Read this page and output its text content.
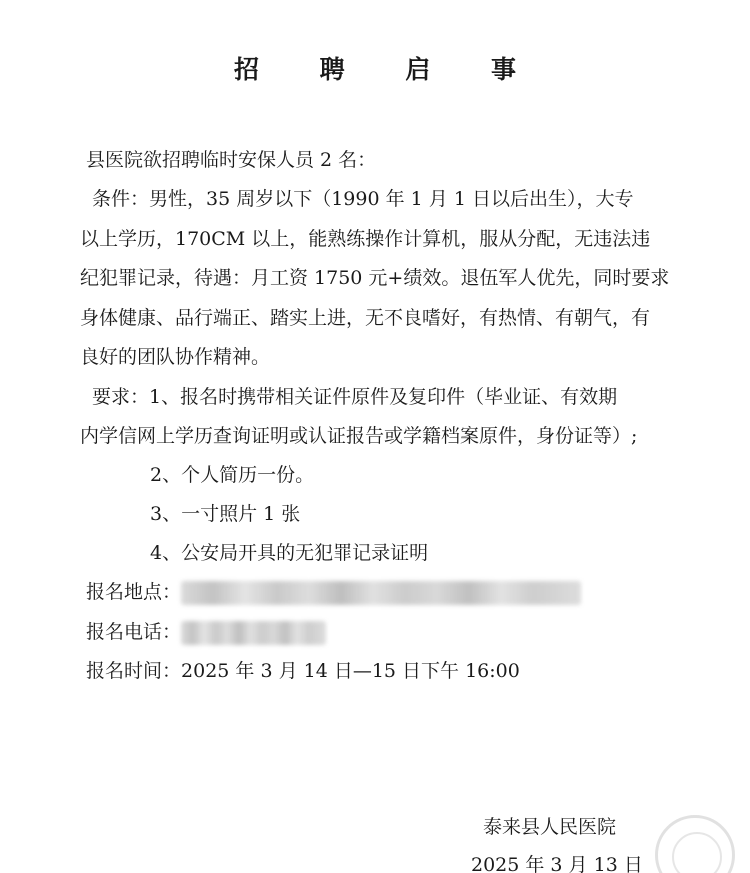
招 聘 启 事
县医院欲招聘临时安保人员 2 名：
条件：男性，35 周岁以下（1990 年 1 月 1 日以后出生），大专
以上学历，170CM 以上，能熟练操作计算机，服从分配，无违法违
纪犯罪记录，待遇：月工资 1750 元+绩效。退伍军人优先，同时要求
身体健康、品行端正、踏实上进，无不良嗜好，有热情、有朝气，有
良好的团队协作精神。
要求：1、报名时携带相关证件原件及复印件（毕业证、有效期
内学信网上学历查询证明或认证报告或学籍档案原件，身份证等）;
2、个人简历一份。
3、一寸照片 1 张
4、公安局开具的无犯罪记录证明
报名地点：
报名电话：
报名时间：2025 年 3 月 14 日—15 日下午 16:00
泰来县人民医院
2025 年 3 月 13 日
